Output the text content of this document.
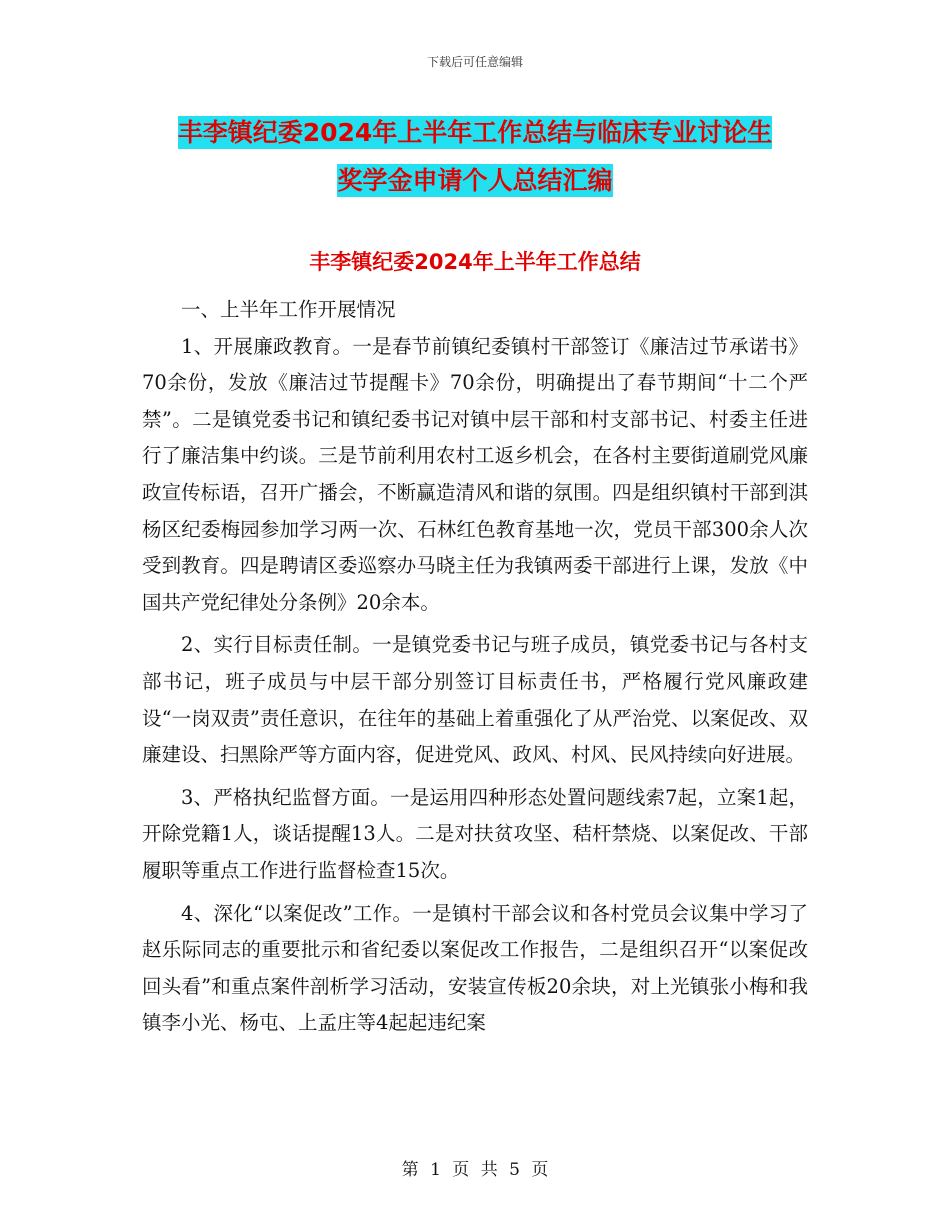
下载后可任意编辑
丰李镇纪委2024年上半年工作总结与临床专业讨论生
奖学金申请个人总结汇编
丰李镇纪委2024年上半年工作总结

一、上半年工作开展情况

1、开展廉政教育。一是春节前镇纪委镇村干部签订《廉洁过节承诺书》70余份，发放《廉洁过节提醒卡》70余份，明确提出了春节期间“十二个严禁”。二是镇党委书记和镇纪委书记对镇中层干部和村支部书记、村委主任进行了廉洁集中约谈。三是节前利用农村工返乡机会，在各村主要街道刷党风廉政宣传标语，召开广播会，不断赢造清风和谐的氛围。四是组织镇村干部到淇杨区纪委梅园参加学习两一次、石林红色教育基地一次，党员干部300余人次受到教育。四是聘请区委巡察办马晓主任为我镇两委干部进行上课，发放《中国共产党纪律处分条例》20余本。

2、实行目标责任制。一是镇党委书记与班子成员，镇党委书记与各村支部书记，班子成员与中层干部分别签订目标责任书，严格履行党风廉政建设“一岗双责”责任意识，在往年的基础上着重强化了从严治党、以案促改、双廉建设、扫黑除严等方面内容，促进党风、政风、村风、民风持续向好进展。

3、严格执纪监督方面。一是运用四种形态处置问题线索7起，立案1起，开除党籍1人，谈话提醒13人。二是对扶贫攻坚、秸杆禁烧、以案促改、干部履职等重点工作进行监督检查15次。

4、深化“以案促改”工作。一是镇村干部会议和各村党员会议集中学习了赵乐际同志的重要批示和省纪委以案促改工作报告，二是组织召开“以案促改回头看”和重点案件剖析学习活动，安装宣传板20余块，对上光镇张小梅和我镇李小光、杨屯、上孟庄等4起起违纪案

第 1 页 共 5 页
